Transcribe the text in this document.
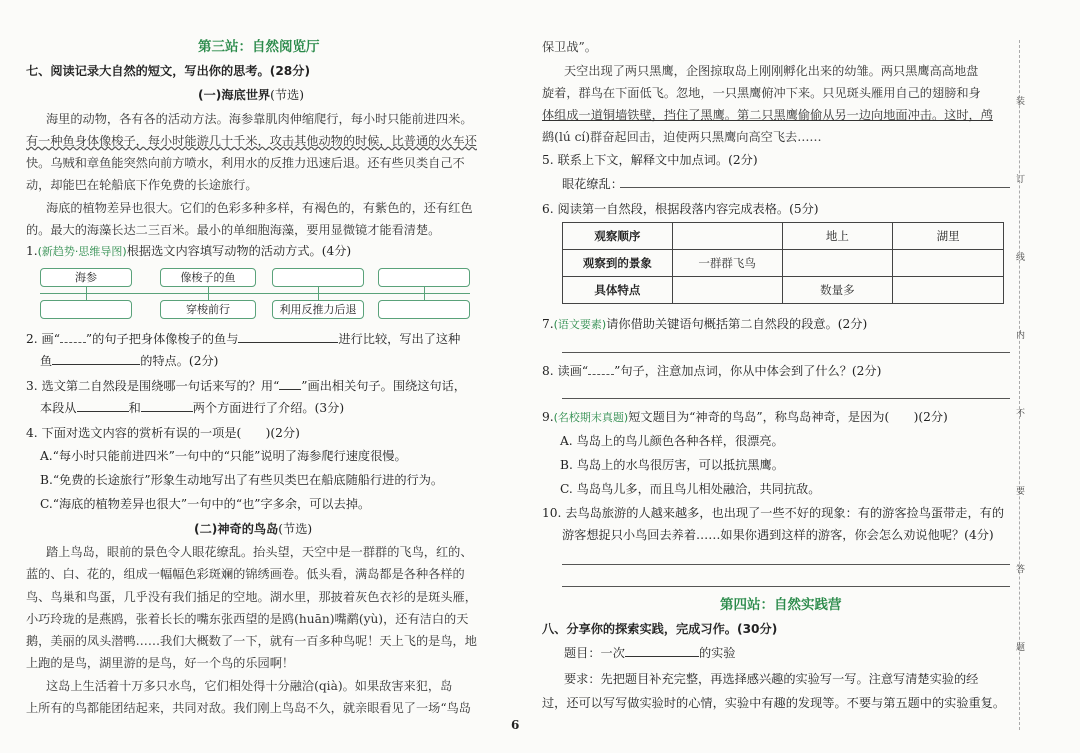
第三站：自然阅览厅
七、阅读记录大自然的短文，写出你的思考。(28分)
(一)海底世界(节选)
海里的动物，各有各的活动方法。海参靠肌肉伸缩爬行，每小时只能前进四米。
有一种鱼身体像梭子，每小时能游几十千米，攻击其他动物的时候，比普通的火车还
快。乌贼和章鱼能突然向前方喷水，利用水的反推力迅速后退。还有些贝类自己不
动，却能巴在轮船底下作免费的长途旅行。
海底的植物差异也很大。它们的色彩多种多样，有褐色的，有紫色的，还有红色
的。最大的海藻长达二三百米。最小的单细胞海藻，要用显微镜才能看清楚。
1.(新趋势·思维导图)根据选文内容填写动物的活动方式。(4分)
海参	像梭子的鱼
穿梭前行	利用反推力后退
2. 画“ ”的句子把身体像梭子的鱼与	进行比较，写出了这种
鱼	的特点。(2分)
3. 选文第二自然段是围绕哪一句话来写的？用“ ”画出相关句子。围绕这句话，
本段从	和	两个方面进行了介绍。(3分)
4. 下面对选文内容的赏析有误的一项是(　　)(2分)
A.“每小时只能前进四米”一句中的“只能”说明了海参爬行速度很慢。
B.“免费的长途旅行”形象生动地写出了有些贝类巴在船底随船行进的行为。
C.“海底的植物差异也很大”一句中的“也”字多余，可以去掉。
(二)神奇的鸟岛(节选)
踏上鸟岛，眼前的景色令人眼花缭乱。抬头望，天空中是一群群的飞鸟，红的、
蓝的、白、花的，组成一幅幅色彩斑斓的锦绣画卷。低头看，满岛都是各种各样的
鸟、鸟巢和鸟蛋，几乎没有我们插足的空地。湖水里，那披着灰色衣衫的是斑头雁，
小巧玲珑的是燕鸥，张着长长的嘴东张西望的是鸥(huān)嘴鹬(yù)，还有洁白的天
鹅，美丽的凤头潜鸭……我们大概数了一下，就有一百多种鸟呢！天上飞的是鸟，地
上跑的是鸟，湖里游的是鸟，好一个鸟的乐园啊！
这岛上生活着十万多只水鸟，它们相处得十分融洽(qià)。如果敌害来犯，岛
上所有的鸟都能团结起来，共同对敌。我们刚上鸟岛不久，就亲眼看见了一场“鸟岛
保卫战”。
天空出现了两只黑鹰，企图掠取岛上刚刚孵化出来的幼雏。两只黑鹰高高地盘
旋着，群鸟在下面低飞。忽地，一只黑鹰俯冲下来。只见斑头雁用自己的翅膀和身
体组成一道铜墙铁壁，挡住了黑鹰。第二只黑鹰偷偷从另一边向地面冲击。这时，鸬
鹚(lú cí)群奋起回击，迫使两只黑鹰向高空飞去……
5. 联系上下文，解释文中加点词。(2分)
眼花缭乱：
6. 阅读第一自然段，根据段落内容完成表格。(5分)
观察顺序		地上	湖里
观察到的景象	一群群飞鸟		
具体特点		数量多	
7.(语文要素)请你借助关键语句概括第二自然段的段意。(2分)
8. 读画“ ”句子，注意加点词，你从中体会到了什么？(2分)
9.(名校期末真题)短文题目为“神奇的鸟岛”，称鸟岛神奇，是因为(　　)(2分)
A. 鸟岛上的鸟儿颜色各种各样，很漂亮。
B. 鸟岛上的水鸟很厉害，可以抵抗黑鹰。
C. 鸟岛鸟儿多，而且鸟儿相处融洽，共同抗敌。
10. 去鸟岛旅游的人越来越多，也出现了一些不好的现象：有的游客捡鸟蛋带走，有的
游客想捉只小鸟回去养着……如果你遇到这样的游客，你会怎么劝说他呢？(4分)
第四站：自然实践营
八、分享你的探索实践，完成习作。(30分)
题目：一次	的实验
要求：先把题目补充完整，再选择感兴趣的实验写一写。注意写清楚实验的经
过，还可以写写做实验时的心情，实验中有趣的发现等。不要与第五题中的实验重复。
装
订
线
内
不
要
答
题
6
